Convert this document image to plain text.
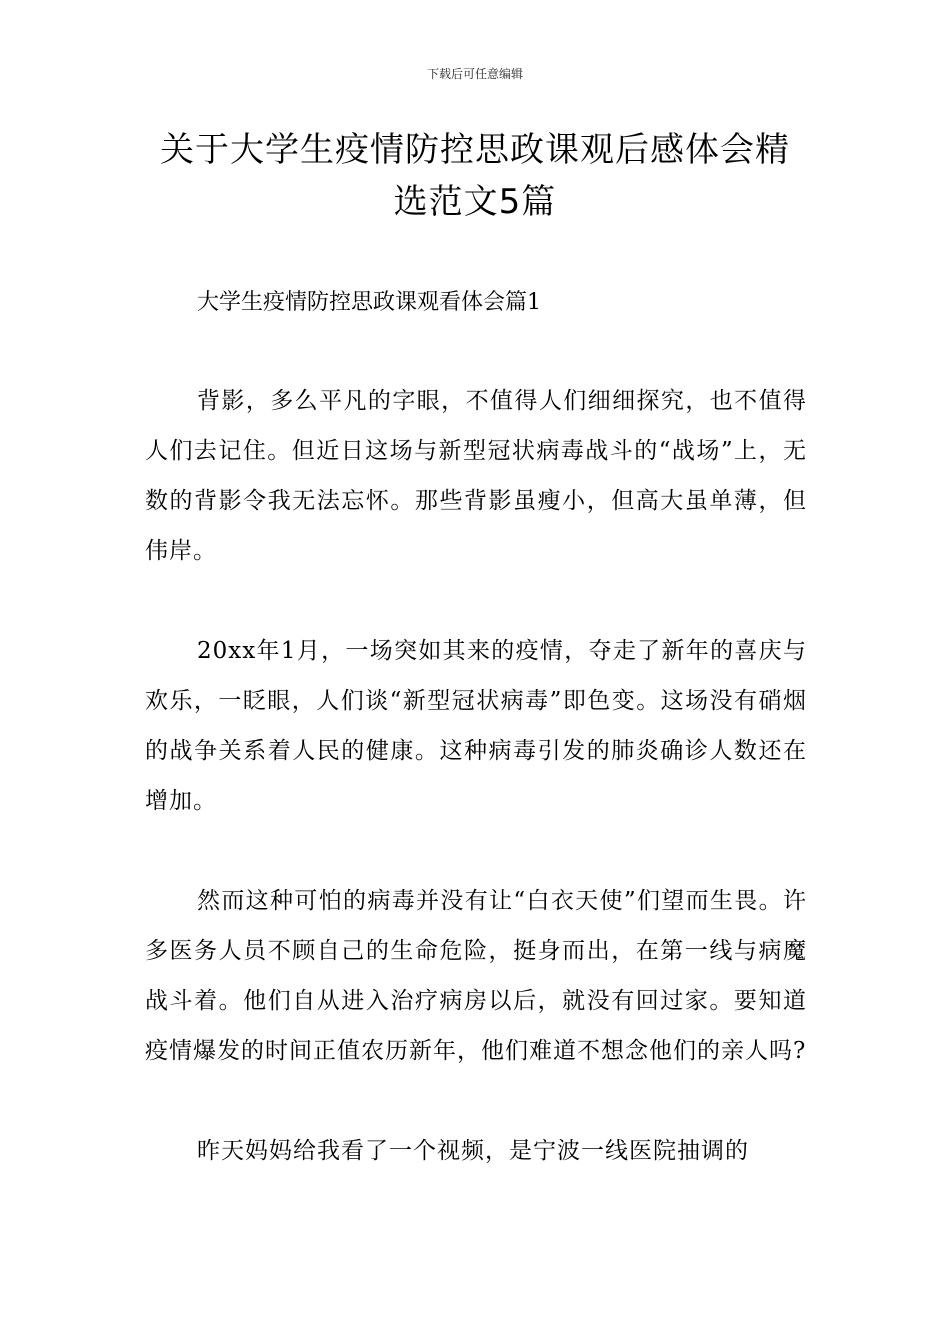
下载后可任意编辑
关于大学生疫情防控思政课观后感体会精选范文5篇

大学生疫情防控思政课观看体会篇1

背影，多么平凡的字眼，不值得人们细细探究，也不值得人们去记住。但近日这场与新型冠状病毒战斗的“战场”上，无数的背影令我无法忘怀。那些背影虽瘦小，但高大虽单薄，但伟岸。

20xx年1月，一场突如其来的疫情，夺走了新年的喜庆与欢乐，一眨眼，人们谈“新型冠状病毒”即色变。这场没有硝烟的战争关系着人民的健康。这种病毒引发的肺炎确诊人数还在增加。

然而这种可怕的病毒并没有让“白衣天使”们望而生畏。许多医务人员不顾自己的生命危险，挺身而出，在第一线与病魔战斗着。他们自从进入治疗病房以后，就没有回过家。要知道疫情爆发的时间正值农历新年，他们难道不想念他们的亲人吗?

昨天妈妈给我看了一个视频，是宁波一线医院抽调的
